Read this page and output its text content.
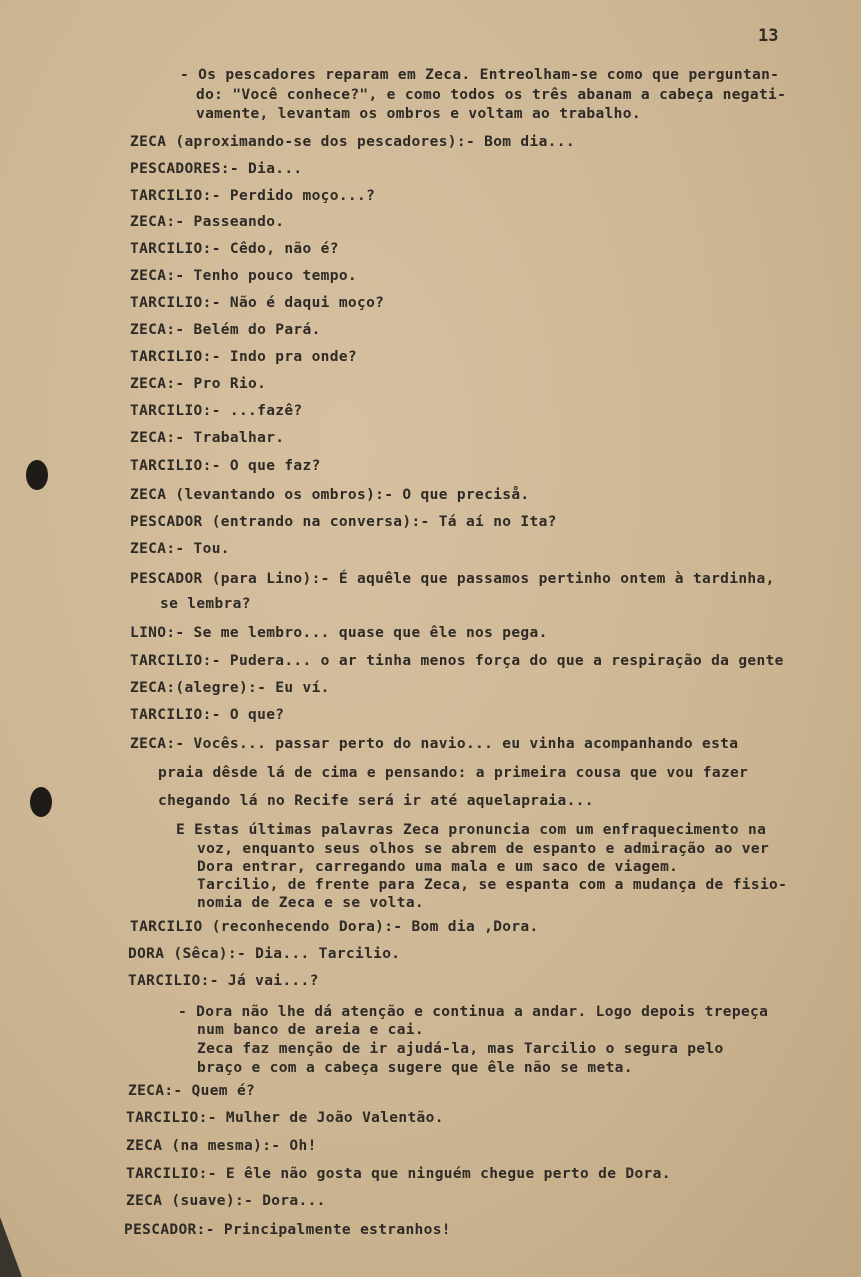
13
- Os pescadores reparam em Zeca. Entreolham-se como que perguntan-
do: "Você conhece?", e como todos os três abanam a cabeça negati-
vamente, levantam os ombros e voltam ao trabalho.
ZECA (aproximando-se dos pescadores):- Bom dia...
PESCADORES:- Dia...
TARCILIO:- Perdido moço...?
ZECA:- Passeando.
TARCILIO:- Cêdo, não é?
ZECA:- Tenho pouco tempo.
TARCILIO:- Não é daqui moço?
ZECA:- Belém do Pará.
TARCILIO:- Indo pra onde?
ZECA:- Pro Rio.
TARCILIO:- ...fazê?
ZECA:- Trabalhar.
TARCILIO:- O que faz?
ZECA (levantando os ombros):- O que preciså.
PESCADOR (entrando na conversa):- Tá aí no Ita?
ZECA:- Tou.
PESCADOR (para Lino):- É aquêle que passamos pertinho ontem à tardinha,
se lembra?
LINO:- Se me lembro... quase que êle nos pega.
TARCILIO:- Pudera... o ar tinha menos força do que a respiração da gente
ZECA:(alegre):- Eu ví.
TARCILIO:- O que?
ZECA:- Vocês... passar perto do navio... eu vinha acompanhando esta
praia dêsde lá de cima e pensando: a primeira cousa que vou fazer
chegando lá no Recife será ir até aquelapraia...
E Estas últimas palavras Zeca pronuncia com um enfraquecimento na
voz, enquanto seus olhos se abrem de espanto e admiração ao ver
Dora entrar, carregando uma mala e um saco de viagem.
Tarcilio, de frente para Zeca, se espanta com a mudança de fisio-
nomia de Zeca e se volta.
TARCILIO (reconhecendo Dora):- Bom dia ,Dora.
DORA (Sêca):- Dia... Tarcilio.
TARCILIO:- Já vai...?
- Dora não lhe dá atenção e continua a andar. Logo depois trepeça
num banco de areia e cai.
Zeca faz menção de ir ajudá-la, mas Tarcilio o segura pelo
braço e com a cabeça sugere que êle não se meta.
ZECA:- Quem é?
TARCILIO:- Mulher de João Valentão.
ZECA (na mesma):- Oh!
TARCILIO:- E êle não gosta que ninguém chegue perto de Dora.
ZECA (suave):- Dora...
PESCADOR:- Principalmente estranhos!
